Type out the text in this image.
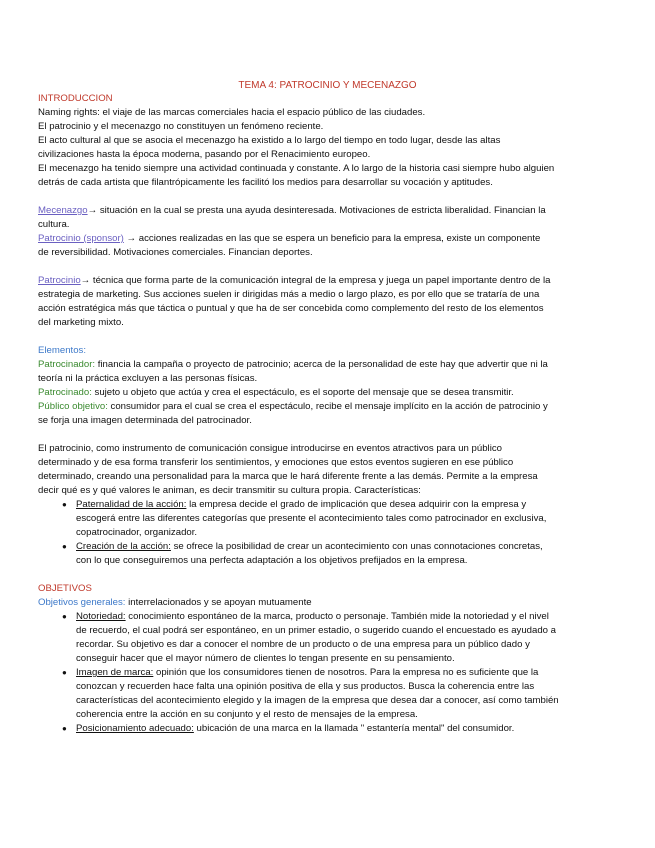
TEMA 4: PATROCINIO Y MECENAZGO
INTRODUCCION
Naming rights: el viaje de las marcas comerciales hacia el espacio público de las ciudades.
El patrocinio y el mecenazgo no constituyen un fenómeno reciente.
El acto cultural al que se asocia el mecenazgo ha existido a lo largo del tiempo en todo lugar, desde las altas
civilizaciones hasta la época moderna, pasando por el Renacimiento europeo.
El mecenazgo ha tenido siempre una actividad continuada y constante. A lo largo de la historia casi siempre hubo alguien
detrás de cada artista que filantrópicamente les facilitó los medios para desarrollar su vocación y aptitudes.
Mecenazgo→ situación en la cual se presta una ayuda desinteresada. Motivaciones de estricta liberalidad. Financian la
cultura.
Patrocinio (sponsor) → acciones realizadas en las que se espera un beneficio para la empresa, existe un componente
de reversibilidad. Motivaciones comerciales. Financian deportes.
Patrocinio→ técnica que forma parte de la comunicación integral de la empresa y juega un papel importante dentro de la
estrategia de marketing. Sus acciones suelen ir dirigidas más a medio o largo plazo, es por ello que se trataría de una
acción estratégica más que táctica o puntual y que ha de ser concebida como complemento del resto de los elementos
del marketing mixto.
Elementos:
Patrocinador: financia la campaña o proyecto de patrocinio; acerca de la personalidad de este hay que advertir que ni la
teoría ni la práctica excluyen a las personas físicas.
Patrocinado: sujeto u objeto que actúa y crea el espectáculo, es el soporte del mensaje que se desea transmitir.
Público objetivo: consumidor para el cual se crea el espectáculo, recibe el mensaje implícito en la acción de patrocinio y
se forja una imagen determinada del patrocinador.
El patrocinio, como instrumento de comunicación consigue introducirse en eventos atractivos para un público
determinado y de esa forma transferir los sentimientos, y emociones que estos eventos sugieren en ese público
determinado, creando una personalidad para la marca que le hará diferente frente a las demás. Permite a la empresa
decir qué es y qué valores le animan, es decir transmitir su cultura propia. Características:
● Paternalidad de la acción: la empresa decide el grado de implicación que desea adquirir con la empresa y
escogerá entre las diferentes categorías que presente el acontecimiento tales como patrocinador en exclusiva,
copatrocinador, organizador.
● Creación de la acción: se ofrece la posibilidad de crear un acontecimiento con unas connotaciones concretas,
con lo que conseguiremos una perfecta adaptación a los objetivos prefijados en la empresa.
OBJETIVOS
Objetivos generales: interrelacionados y se apoyan mutuamente
● Notoriedad: conocimiento espontáneo de la marca, producto o personaje. También mide la notoriedad y el nivel
de recuerdo, el cual podrá ser espontáneo, en un primer estadio, o sugerido cuando el encuestado es ayudado a
recordar. Su objetivo es dar a conocer el nombre de un producto o de una empresa para un público dado y
conseguir hacer que el mayor número de clientes lo tengan presente en su pensamiento.
● Imagen de marca: opinión que los consumidores tienen de nosotros. Para la empresa no es suficiente que la
conozcan y recuerden hace falta una opinión positiva de ella y sus productos. Busca la coherencia entre las
características del acontecimiento elegido y la imagen de la empresa que desea dar a conocer, así como también
coherencia entre la acción en su conjunto y el resto de mensajes de la empresa.
● Posicionamiento adecuado: ubicación de una marca en la llamada " estantería mental" del consumidor.
